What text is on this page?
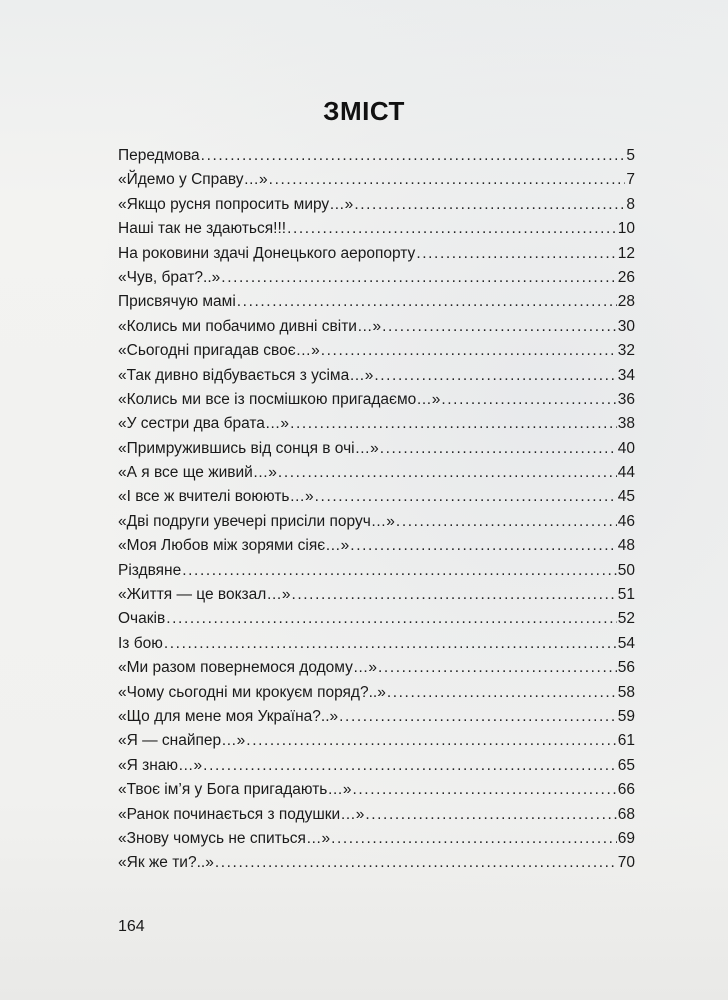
ЗМІСТ
Передмова .....	5
«Йдемо у Справу…» .....	7
«Якщо русня попросить миру…» .....	8
Наші так не здаються!!! .....	10
На роковини здачі Донецького аеропорту .....	12
«Чув, брат?..» .....	26
Присвячую мамі .....	28
«Колись ми побачимо дивні світи…» .....	30
«Сьогодні пригадав своє…» .....	32
«Так дивно відбувається з усіма…» .....	34
«Колись ми все із посмішкою пригадаємо…» .....	36
«У сестри два брата…» .....	38
«Примружившись від сонця в очі…» .....	40
«А я все ще живий…» .....	44
«І все ж вчителі воюють…» .....	45
«Дві подруги увечері присіли поруч…» .....	46
«Моя Любов між зорями сіяє…» .....	48
Різдвяне .....	50
«Життя — це вокзал…» .....	51
Очаків .....	52
Із бою .....	54
«Ми разом повернемося додому…» .....	56
«Чому сьогодні ми крокуєм поряд?..» .....	58
«Що для мене моя Україна?..» .....	59
«Я — снайпер…» .....	61
«Я знаю…» .....	65
«Твоє ім’я у Бога пригадають…» .....	66
«Ранок починається з подушки…» .....	68
«Знову чомусь не спиться…» .....	69
«Як же ти?..» .....	70
164
